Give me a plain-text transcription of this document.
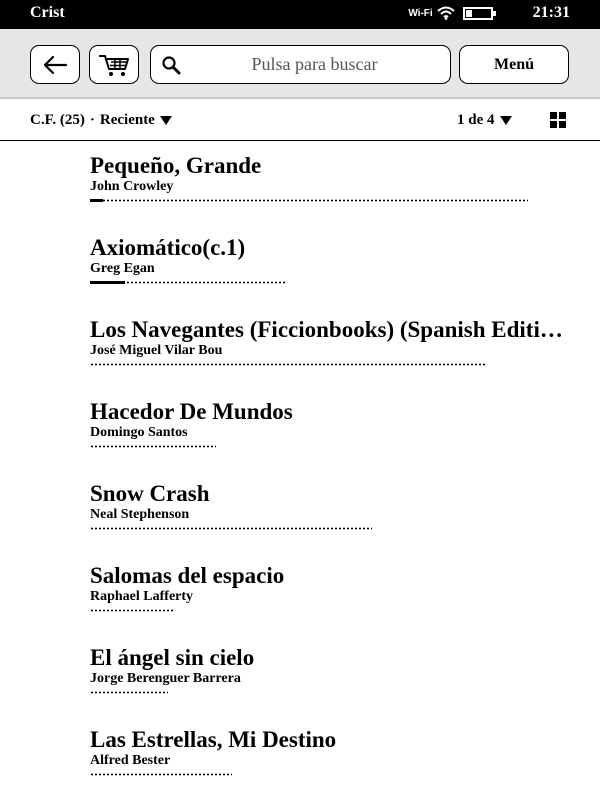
Crist	Wi-Fi	21:31
Pulsa para buscar	Menú
C.F. (25) · Reciente	1 de 4
Pequeño, Grande
John Crowley
Axiomático(c.1)
Greg Egan
Los Navegantes (Ficcionbooks) (Spanish Editi…
José Miguel Vilar Bou
Hacedor De Mundos
Domingo Santos
Snow Crash
Neal Stephenson
Salomas del espacio
Raphael Lafferty
El ángel sin cielo
Jorge Berenguer Barrera
Las Estrellas, Mi Destino
Alfred Bester
